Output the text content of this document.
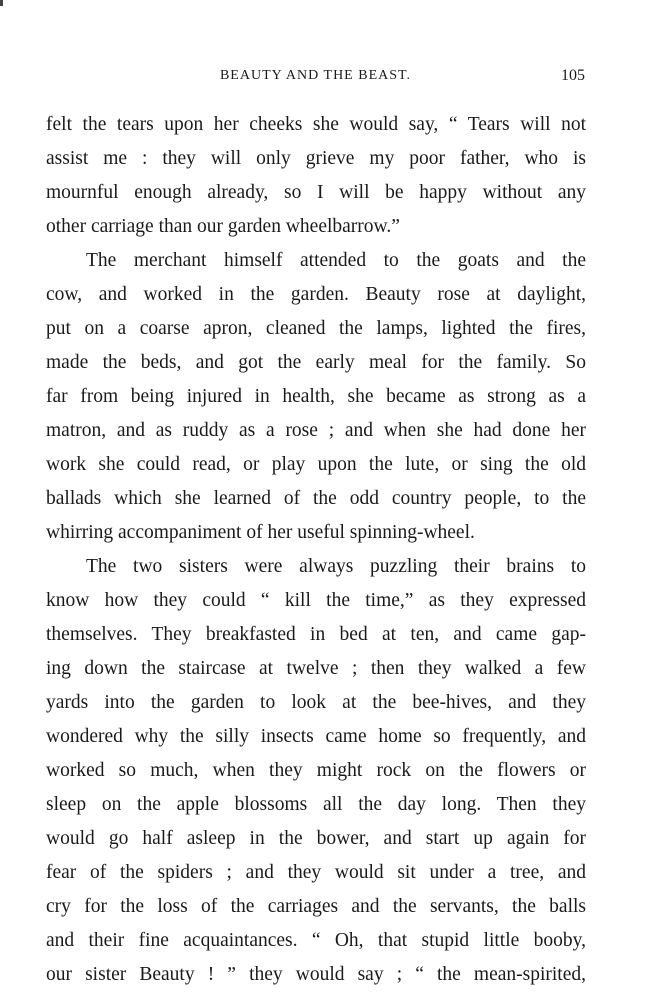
BEAUTY AND THE BEAST.	105
felt the tears upon her cheeks she would say, “ Tears will not
assist me : they will only grieve my poor father, who is
mournful enough already, so I will be happy without any
other carriage than our garden wheelbarrow.”
The merchant himself attended to the goats and the
cow, and worked in the garden. Beauty rose at daylight,
put on a coarse apron, cleaned the lamps, lighted the fires,
made the beds, and got the early meal for the family. So
far from being injured in health, she became as strong as a
matron, and as ruddy as a rose ; and when she had done her
work she could read, or play upon the lute, or sing the old
ballads which she learned of the odd country people, to the
whirring accompaniment of her useful spinning-wheel.
The two sisters were always puzzling their brains to
know how they could “ kill the time,” as they expressed
themselves. They breakfasted in bed at ten, and came gap-
ing down the staircase at twelve ; then they walked a few
yards into the garden to look at the bee-hives, and they
wondered why the silly insects came home so frequently, and
worked so much, when they might rock on the flowers or
sleep on the apple blossoms all the day long. Then they
would go half asleep in the bower, and start up again for
fear of the spiders ; and they would sit under a tree, and
cry for the loss of the carriages and the servants, the balls
and their fine acquaintances. “ Oh, that stupid little booby,
our sister Beauty ! ” they would say ; “ the mean-spirited,
